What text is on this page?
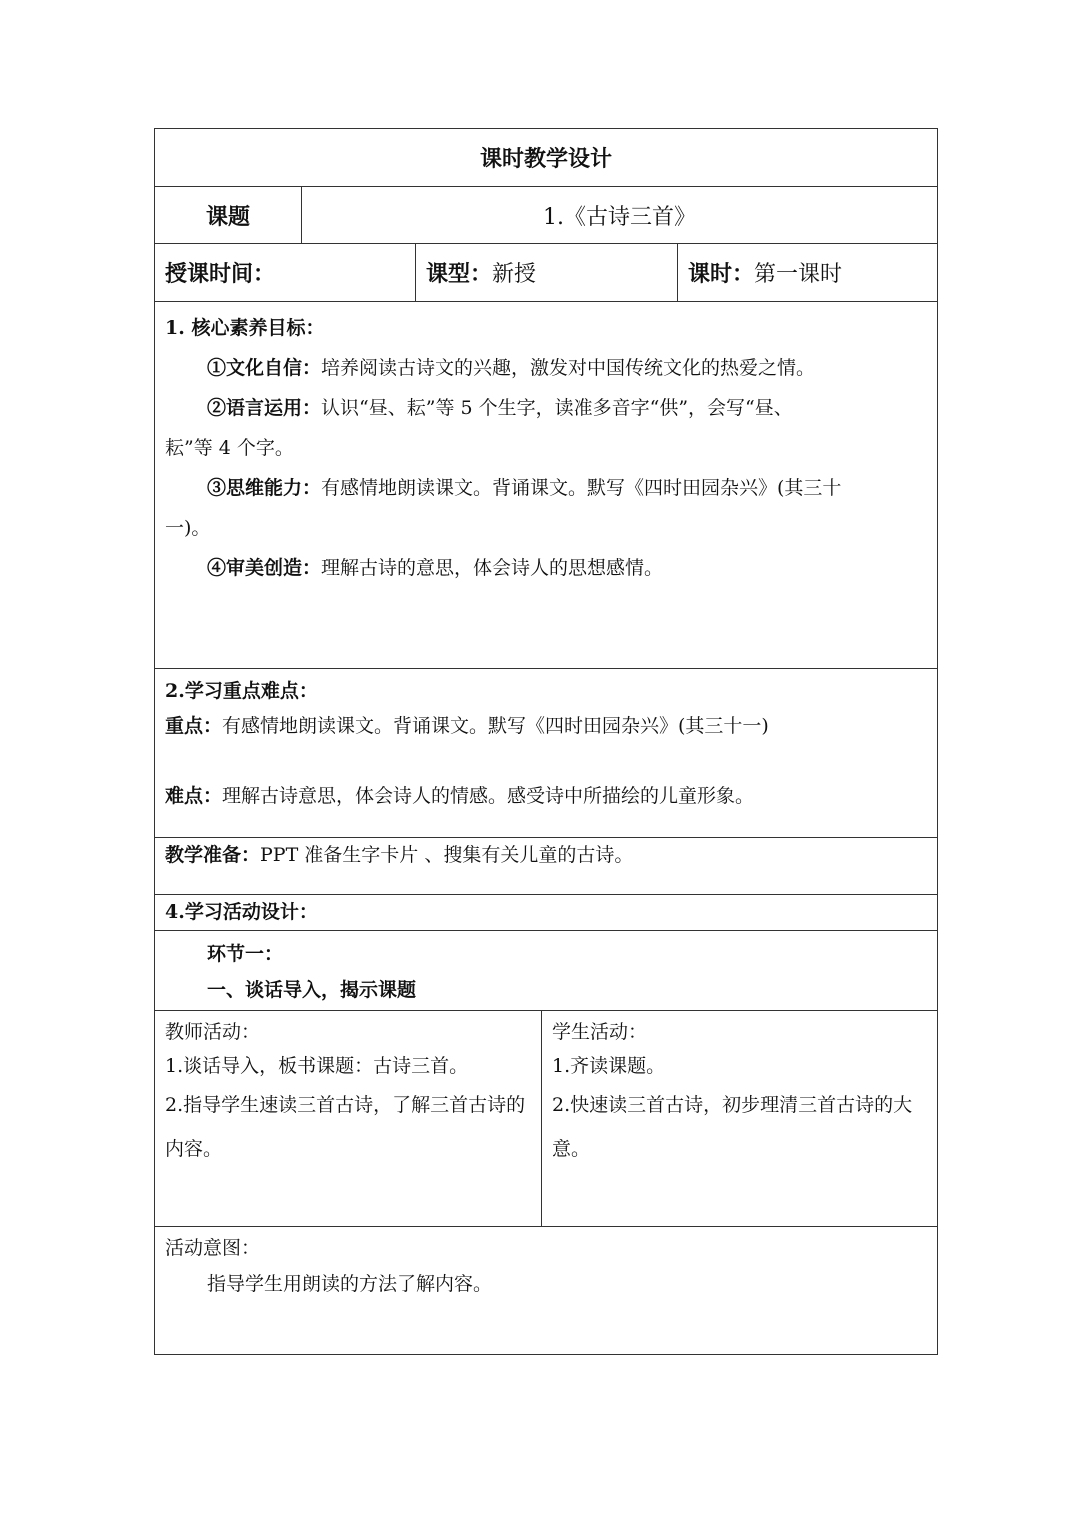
课时教学设计
课题	1.《古诗三首》
授课时间：	课型： 新授	课时： 第一课时
1. 核心素养目标：
①文化自信：培养阅读古诗文的兴趣，激发对中国传统文化的热爱之情。
②语言运用：认识“昼、耘”等 5 个生字，读准多音字“供”，会写“昼、
耘”等 4 个字。
③思维能力：有感情地朗读课文。背诵课文。默写《四时田园杂兴》(其三十
一)。
④审美创造：理解古诗的意思，体会诗人的思想感情。
2.学习重点难点：
重点：有感情地朗读课文。背诵课文。默写《四时田园杂兴》(其三十一)
难点：理解古诗意思，体会诗人的情感。感受诗中所描绘的儿童形象。
教学准备：PPT 准备生字卡片 、搜集有关儿童的古诗。
4.学习活动设计：
环节一：
一、谈话导入，揭示课题
教师活动：
1.谈话导入，板书课题：古诗三首。
2.指导学生速读三首古诗，了解三首古诗的内容。
学生活动：
1.齐读课题。
2.快速读三首古诗，初步理清三首古诗的大意。
活动意图：
指导学生用朗读的方法了解内容。
